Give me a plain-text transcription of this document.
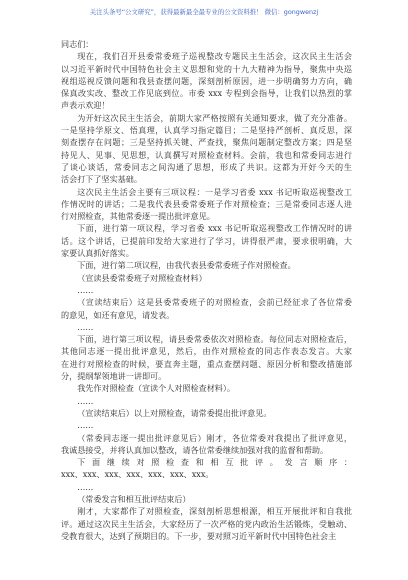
关注头条号“公文研究”，获得最新最全最专业的公文资料推！ 微信：gongwenzj
同志们：
现在，我们召开县委常委班子巡视整改专题民主生活会，这次民主生活会
以习近平新时代中国特色社会主义思想和党的十九大精神为指导，聚焦中央巡
视组巡视反馈问题和我县查摆问题，深刻剖析原因，进一步明确努力方向，确
保真改实改、整改工作见底到位。市委 xxx 专程到会指导，让我们以热烈的掌
声表示欢迎！
为开好这次民主生活会，前期大家严格按照有关通知要求，做了充分准备。
一是坚持学原文、悟真理，认真学习指定篇目；二是坚持严剖析、真反思，深
刻查摆存在问题；三是坚持抓关键、严查找，聚焦问题制定整改方案；四是坚
持见人、见事、见思想，认真撰写对照检查材料。会前，我也和常委同志进行
了谈心谈话，常委同志之间沟通了思想，形成了共识。这都为开好今天的生
活会打下了坚实基础。
这次民主生活会主要有三项议程：一是学习省委 xxx 书记听取巡视整改工
作情况时的讲话；二是我代表县委常委班子作对照检查；三是常委同志逐人进
行对照检查，其他常委逐一提出批评意见。
下面，进行第一项议程，学习省委 xxx 书记听取巡视整改工作情况时的讲
话。这个讲话，已提前印发给大家进行了学习，讲得很严肃，要求很明确，大
家要认真抓好落实。
下面，进行第二项议程，由我代表县委常委班子作对照检查。
（宣读县委常委班子对照检查材料）
……
（宣读结束后）这是县委常委班子的对照检查，会前已经征求了各位常委
的意见，如还有意见，请发表。
……
下面，进行第三项议程，请县委常委依次对照检查。每位同志对照检查后，
其他同志逐一提出批评意见，然后，由作对照检查的同志作表态发言。大家
在进行对照检查的时候，要直奔主题，重点查摆问题、原因分析和整改措施部
分，提纲挈领地讲一讲即可。
我先作对照检查（宣读个人对照检查材料）。
……
（宣读结束后）以上对照检查，请常委提出批评意见。
……
（常委同志逐一提出批评意见后）刚才，各位常委对我提出了批评意见，
我诚恳接受，并将认真加以整改，请各位常委继续加强对我的监督和帮助。
下面继续对照检查和相互批评。发言顺序：
xxx、xxx、xxx、xxx、xxx、xxx、xxx。
……
（常委发言和相互批评结束后）
刚才，大家都作了对照检查，深刻剖析思想根源，相互开展批评和自我批
评。通过这次民主生活会，大家经历了一次严格的党内政治生活锻炼，受触动、
受教育很大，达到了预期目的。下一步，要对照习近平新时代中国特色社会主
